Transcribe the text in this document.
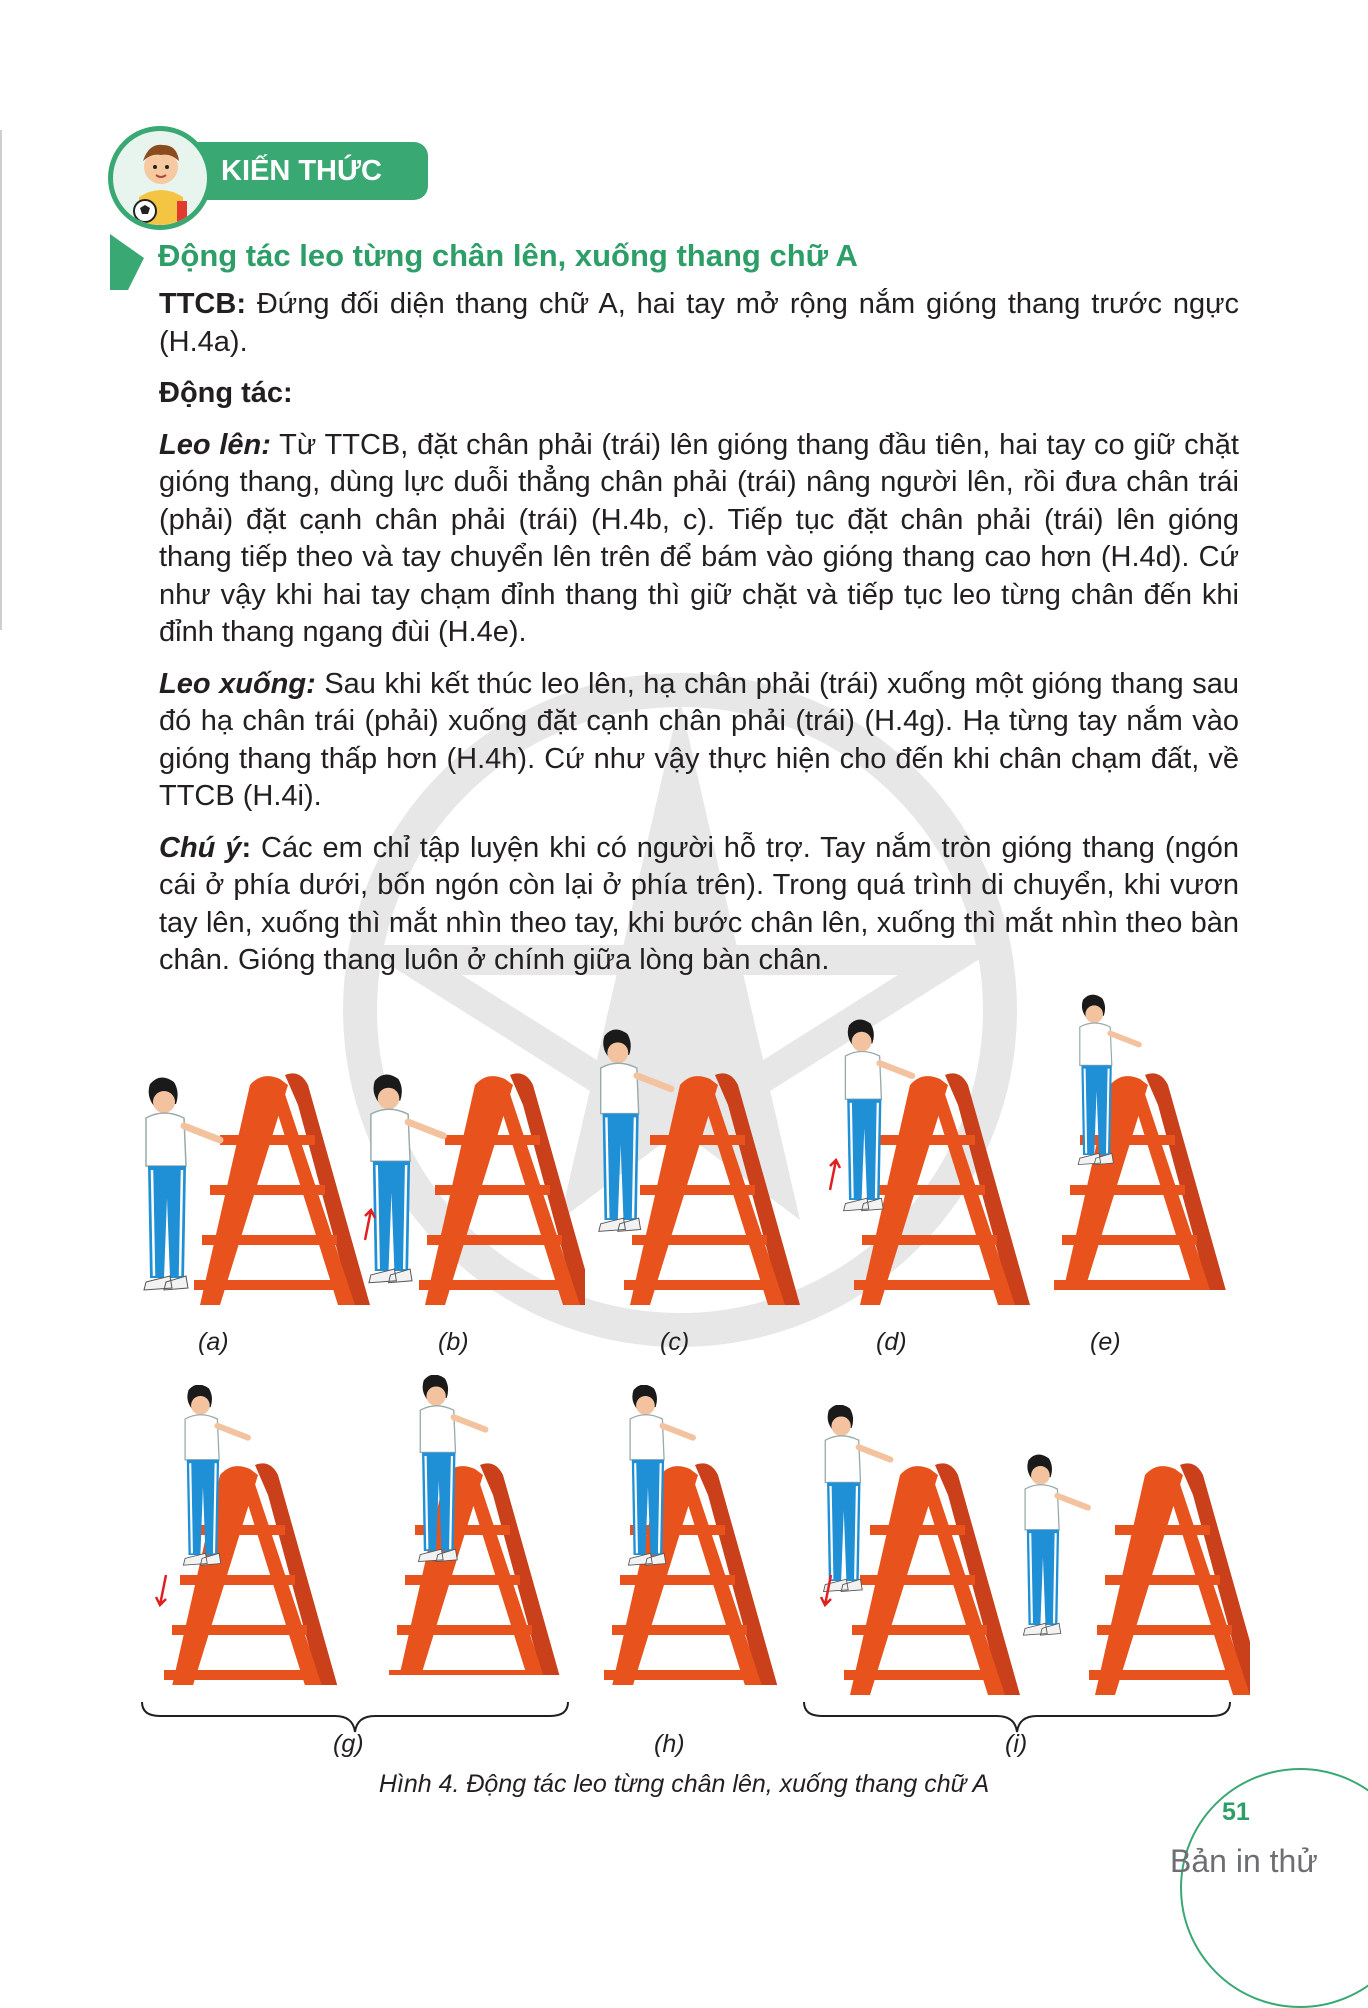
KIẾN THỨC MỚI
Động tác leo từng chân lên, xuống thang chữ A

TTCB: Đứng đối diện thang chữ A, hai tay mở rộng nắm gióng thang trước ngực (H.4a).

Động tác:

Leo lên: Từ TTCB, đặt chân phải (trái) lên gióng thang đầu tiên, hai tay co giữ chặt gióng thang, dùng lực duỗi thẳng chân phải (trái) nâng người lên, rồi đưa chân trái (phải) đặt cạnh chân phải (trái) (H.4b, c). Tiếp tục đặt chân phải (trái) lên gióng thang tiếp theo và tay chuyển lên trên để bám vào gióng thang cao hơn (H.4d). Cứ như vậy khi hai tay chạm đỉnh thang thì giữ chặt và tiếp tục leo từng chân đến khi đỉnh thang ngang đùi (H.4e).

Leo xuống: Sau khi kết thúc leo lên, hạ chân phải (trái) xuống một gióng thang sau đó hạ chân trái (phải) xuống đặt cạnh chân phải (trái) (H.4g). Hạ từng tay nắm vào gióng thang thấp hơn (H.4h). Cứ như vậy thực hiện cho đến khi chân chạm đất, về TTCB (H.4i).

Chú ý: Các em chỉ tập luyện khi có người hỗ trợ. Tay nắm tròn gióng thang (ngón cái ở phía dưới, bốn ngón còn lại ở phía trên). Trong quá trình di chuyển, khi vươn tay lên, xuống thì mắt nhìn theo tay, khi bước chân lên, xuống thì mắt nhìn theo bàn chân. Gióng thang luôn ở chính giữa lòng bàn chân.

(a)	(b)	(c)	(d)	(e)
(g)	(h)	(i)
Hình 4. Động tác leo từng chân lên, xuống thang chữ A
51
Bản in thử
